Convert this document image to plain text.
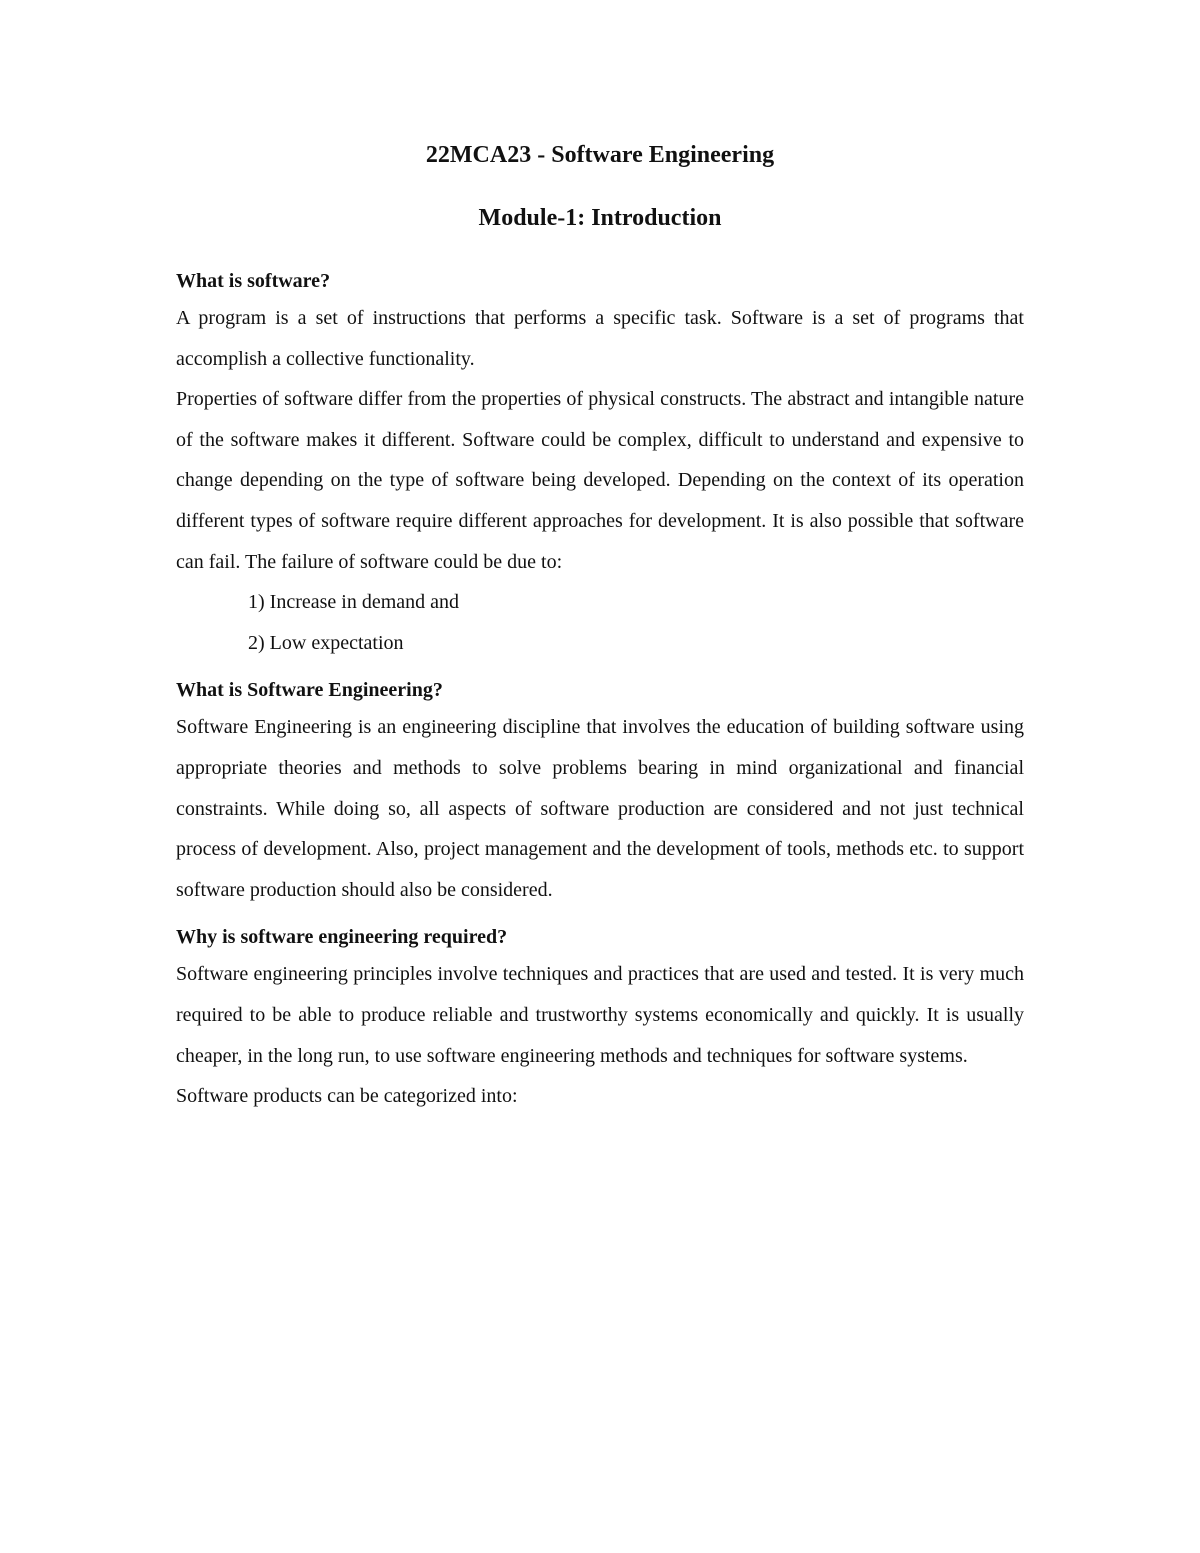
22MCA23 - Software Engineering
Module-1: Introduction
What is software?

A program is a set of instructions that performs a specific task. Software is a set of programs that accomplish a collective functionality.

Properties of software differ from the properties of physical constructs. The abstract and intangible nature of the software makes it different. Software could be complex, difficult to understand and expensive to change depending on the type of software being developed. Depending on the context of its operation different types of software require different approaches for development. It is also possible that software can fail. The failure of software could be due to:

1) Increase in demand and
2) Low expectation
What is Software Engineering?

Software Engineering is an engineering discipline that involves the education of building software using appropriate theories and methods to solve problems bearing in mind organizational and financial constraints. While doing so, all aspects of software production are considered and not just technical process of development. Also, project management and the development of tools, methods etc. to support software production should also be considered.

Why is software engineering required?

Software engineering principles involve techniques and practices that are used and tested. It is very much required to be able to produce reliable and trustworthy systems economically and quickly. It is usually cheaper, in the long run, to use software engineering methods and techniques for software systems.

Software products can be categorized into:
